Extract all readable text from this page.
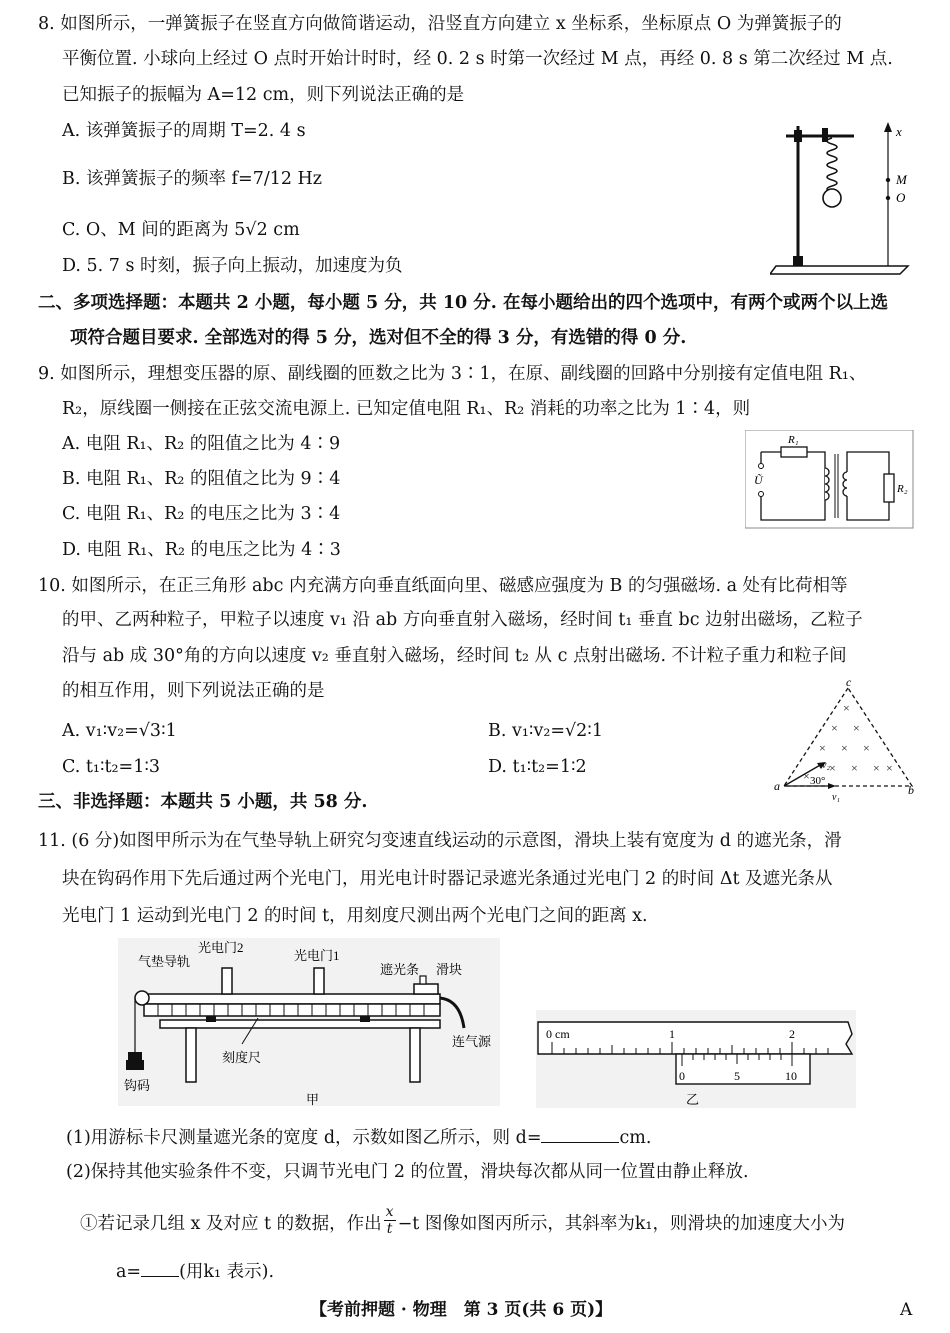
8. 如图所示，一弹簧振子在竖直方向做简谐运动，沿竖直方向建立 x 坐标系，坐标原点 O 为弹簧振子的
平衡位置. 小球向上经过 O 点时开始计时时，经 0. 2 s 时第一次经过 M 点，再经 0. 8 s 第二次经过 M 点.
已知振子的振幅为 A=12 cm，则下列说法正确的是
A. 该弹簧振子的周期 T=2. 4 s
B. 该弹簧振子的频率 f=7/12 Hz
C. O、M 间的距离为 5√2 cm
D. 5. 7 s 时刻，振子向上振动，加速度为负
x
M
O
二、多项选择题：本题共 2 小题，每小题 5 分，共 10 分. 在每小题给出的四个选项中，有两个或两个以上选
项符合题目要求. 全部选对的得 5 分，选对但不全的得 3 分，有选错的得 0 分.
9. 如图所示，理想变压器的原、副线圈的匝数之比为 3∶1，在原、副线圈的回路中分别接有定值电阻 R₁、
R₂，原线圈一侧接在正弦交流电源上. 已知定值电阻 R₁、R₂ 消耗的功率之比为 1∶4，则
A. 电阻 R₁、R₂ 的阻值之比为 4∶9
B. 电阻 R₁、R₂ 的阻值之比为 9∶4
C. 电阻 R₁、R₂ 的电压之比为 3∶4
D. 电阻 R₁、R₂ 的电压之比为 4∶3
R₁
Ũ
R₂
10. 如图所示，在正三角形 abc 内充满方向垂直纸面向里、磁感应强度为 B 的匀强磁场. a 处有比荷相等
的甲、乙两种粒子，甲粒子以速度 v₁ 沿 ab 方向垂直射入磁场，经时间 t₁ 垂直 bc 边射出磁场，乙粒子
沿与 ab 成 30°角的方向以速度 v₂ 垂直射入磁场，经时间 t₂ 从 c 点射出磁场. 不计粒子重力和粒子间
的相互作用，则下列说法正确的是
A. v₁∶v₂=√3∶1	B. v₁∶v₂=√2∶1
C. t₁∶t₂=1∶3	D. t₁∶t₂=1∶2
c
a	b
×
× ×
× × ×
× × × ×
× 30°
v₂
v₁
三、非选择题：本题共 5 小题，共 58 分.
11. (6 分)如图甲所示为在气垫导轨上研究匀变速直线运动的示意图，滑块上装有宽度为 d 的遮光条，滑
块在钩码作用下先后通过两个光电门，用光电计时器记录遮光条通过光电门 2 的时间 Δt 及遮光条从
光电门 1 运动到光电门 2 的时间 t，用刻度尺测出两个光电门之间的距离 x.
气垫导轨
光电门2
光电门1
遮光条 滑块
连气源
钩码
刻度尺
甲
0 cm	1	2
0	5	10
乙
(1)用游标卡尺测量遮光条的宽度 d，示数如图乙所示，则 d=	cm.
(2)保持其他实验条件不变，只调节光电门 2 的位置，滑块每次都从同一位置由静止释放.
①若记录几组 x 及对应 t 的数据，作出 $\frac{x}{t} -t$ 图像如图丙所示，其斜率为k₁，则滑块的加速度大小为
a= (用k₁ 表示).
【考前押题 · 物理　第 3 页(共 6 页)】	A
